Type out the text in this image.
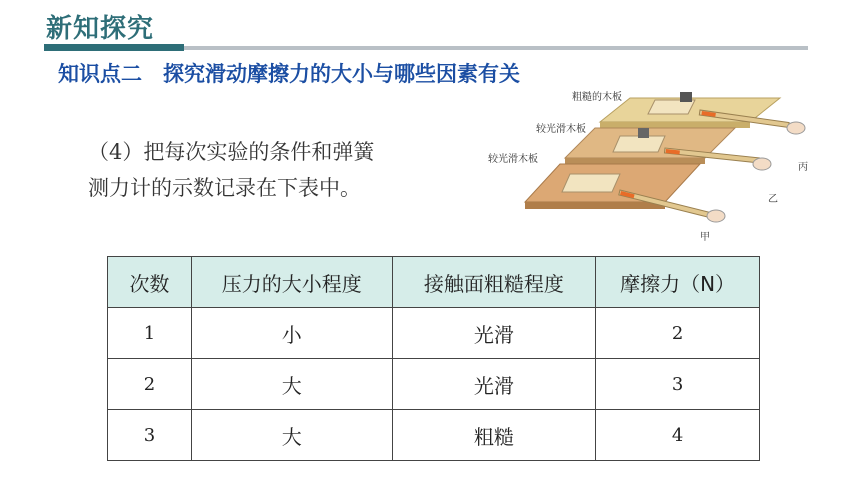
新知探究
知识点二　探究滑动摩擦力的大小与哪些因素有关
（4）把每次实验的条件和弹簧

测力计的示数记录在下表中。
粗糙的木板
较光滑木板
较光滑木板
丙
乙
甲
次数	压力的大小程度	接触面粗糙程度	摩擦力（N）
1	小	光滑	2
2	大	光滑	3
3	大	粗糙	4
